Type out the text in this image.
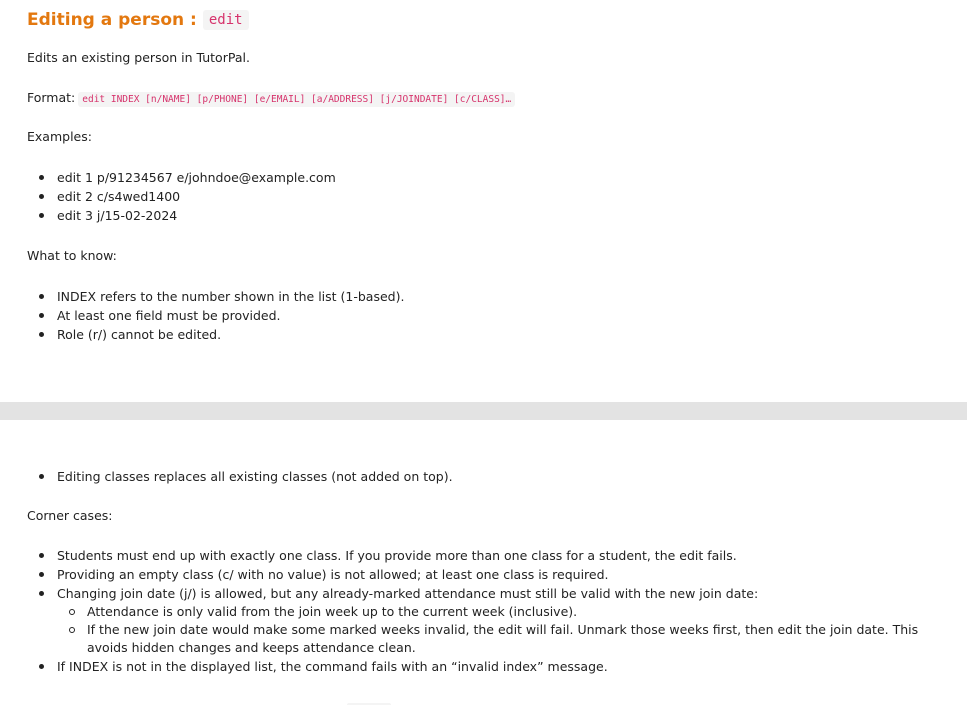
Editing a person : edit

Edits an existing person in TutorPal.

Format: edit INDEX [n/NAME] [p/PHONE] [e/EMAIL] [a/ADDRESS] [j/JOINDATE] [c/CLASS]…

Examples:

edit 1 p/91234567 e/johndoe@example.com
edit 2 c/s4wed1400
edit 3 j/15-02-2024

What to know:

INDEX refers to the number shown in the list (1-based).
At least one field must be provided.
Role (r/) cannot be edited.
Editing classes replaces all existing classes (not added on top).

Corner cases:

Students must end up with exactly one class. If you provide more than one class for a student, the edit fails.
Providing an empty class (c/ with no value) is not allowed; at least one class is required.
Changing join date (j/) is allowed, but any already-marked attendance must still be valid with the new join date:
Attendance is only valid from the join week up to the current week (inclusive).
If the new join date would make some marked weeks invalid, the edit will fail. Unmark those weeks first, then edit the join date. This avoids hidden changes and keeps attendance clean.
If INDEX is not in the displayed list, the command fails with an “invalid index” message.
